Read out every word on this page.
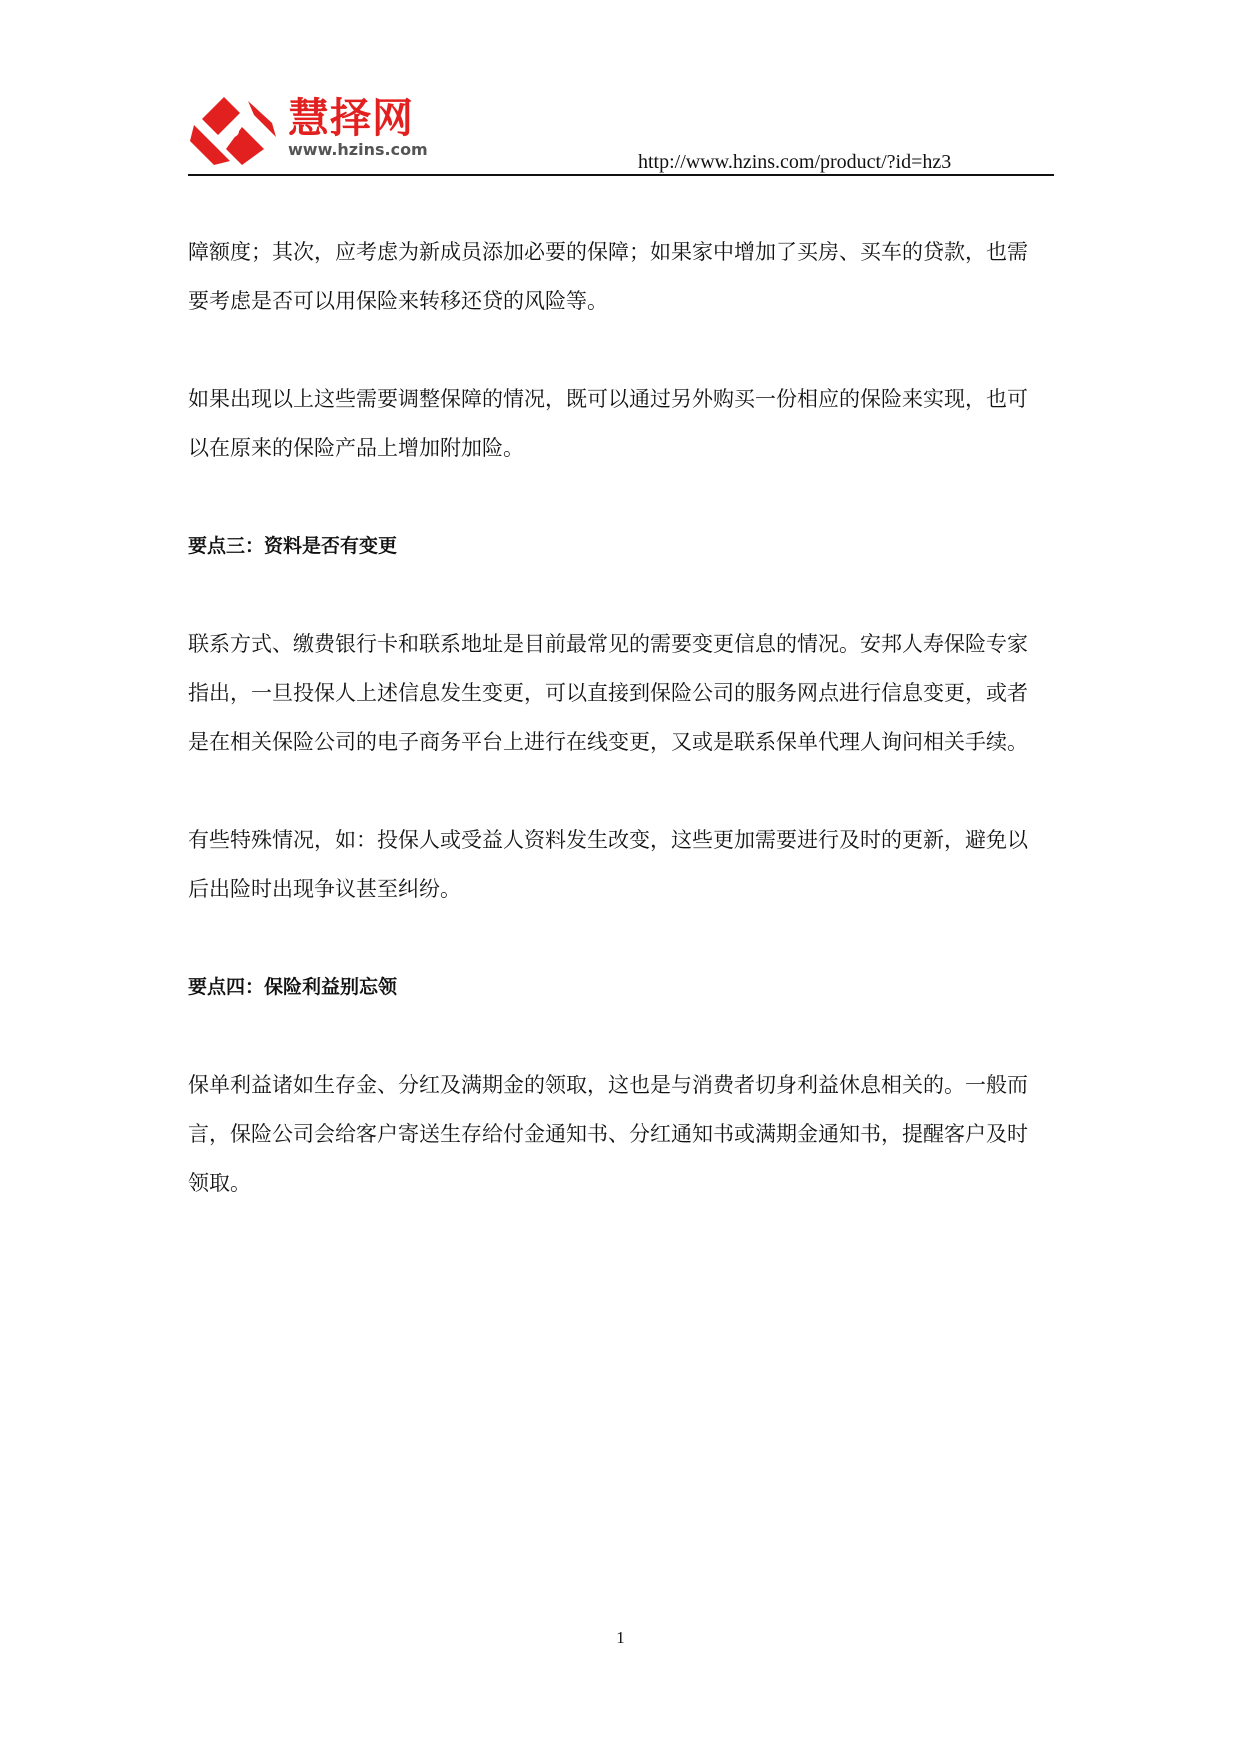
慧择网
www.hzins.com
http://www.hzins.com/product/?id=hz3

障额度；其次，应考虑为新成员添加必要的保障；如果家中增加了买房、买车的贷款，也需
要考虑是否可以用保险来转移还贷的风险等。

如果出现以上这些需要调整保障的情况，既可以通过另外购买一份相应的保险来实现，也可
以在原来的保险产品上增加附加险。

要点三：资料是否有变更

联系方式、缴费银行卡和联系地址是目前最常见的需要变更信息的情况。安邦人寿保险专家
指出，一旦投保人上述信息发生变更，可以直接到保险公司的服务网点进行信息变更，或者
是在相关保险公司的电子商务平台上进行在线变更，又或是联系保单代理人询问相关手续。

有些特殊情况，如：投保人或受益人资料发生改变，这些更加需要进行及时的更新，避免以
后出险时出现争议甚至纠纷。

要点四：保险利益别忘领

保单利益诸如生存金、分红及满期金的领取，这也是与消费者切身利益休息相关的。一般而
言，保险公司会给客户寄送生存给付金通知书、分红通知书或满期金通知书，提醒客户及时
领取。

1
